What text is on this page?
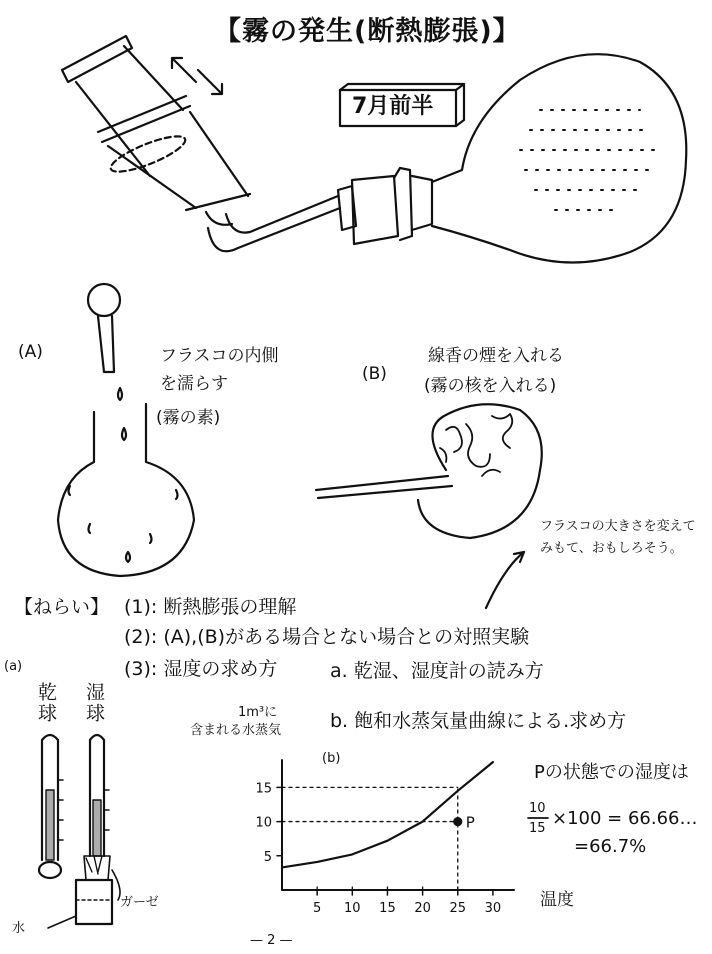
5 10 15 20 25 30
5
10
15
P
【霧の発生(断熱膨張)】
7月前半
(A)	フラスコの内側
を濡らす
(霧の素)
線香の煙を入れる
(霧の核を入れる)
(B)
フラスコの大きさを変えて
みもて、おもしろそう。
【ねらい】 (1): 断熱膨張の理解
(2): (A),(B)がある場合とない場合との対照実験
(3): 湿度の求め方	a. 乾湿、湿度計の読み方
b. 飽和水蒸気量曲線による.求め方
(a)
乾球 湿球
ガーゼ
水
1m³に
含まれる水蒸気
(b)
温度
Pの状態での湿度は
10
15 ×100 = 66.66…
=66.7%
— 2 —
